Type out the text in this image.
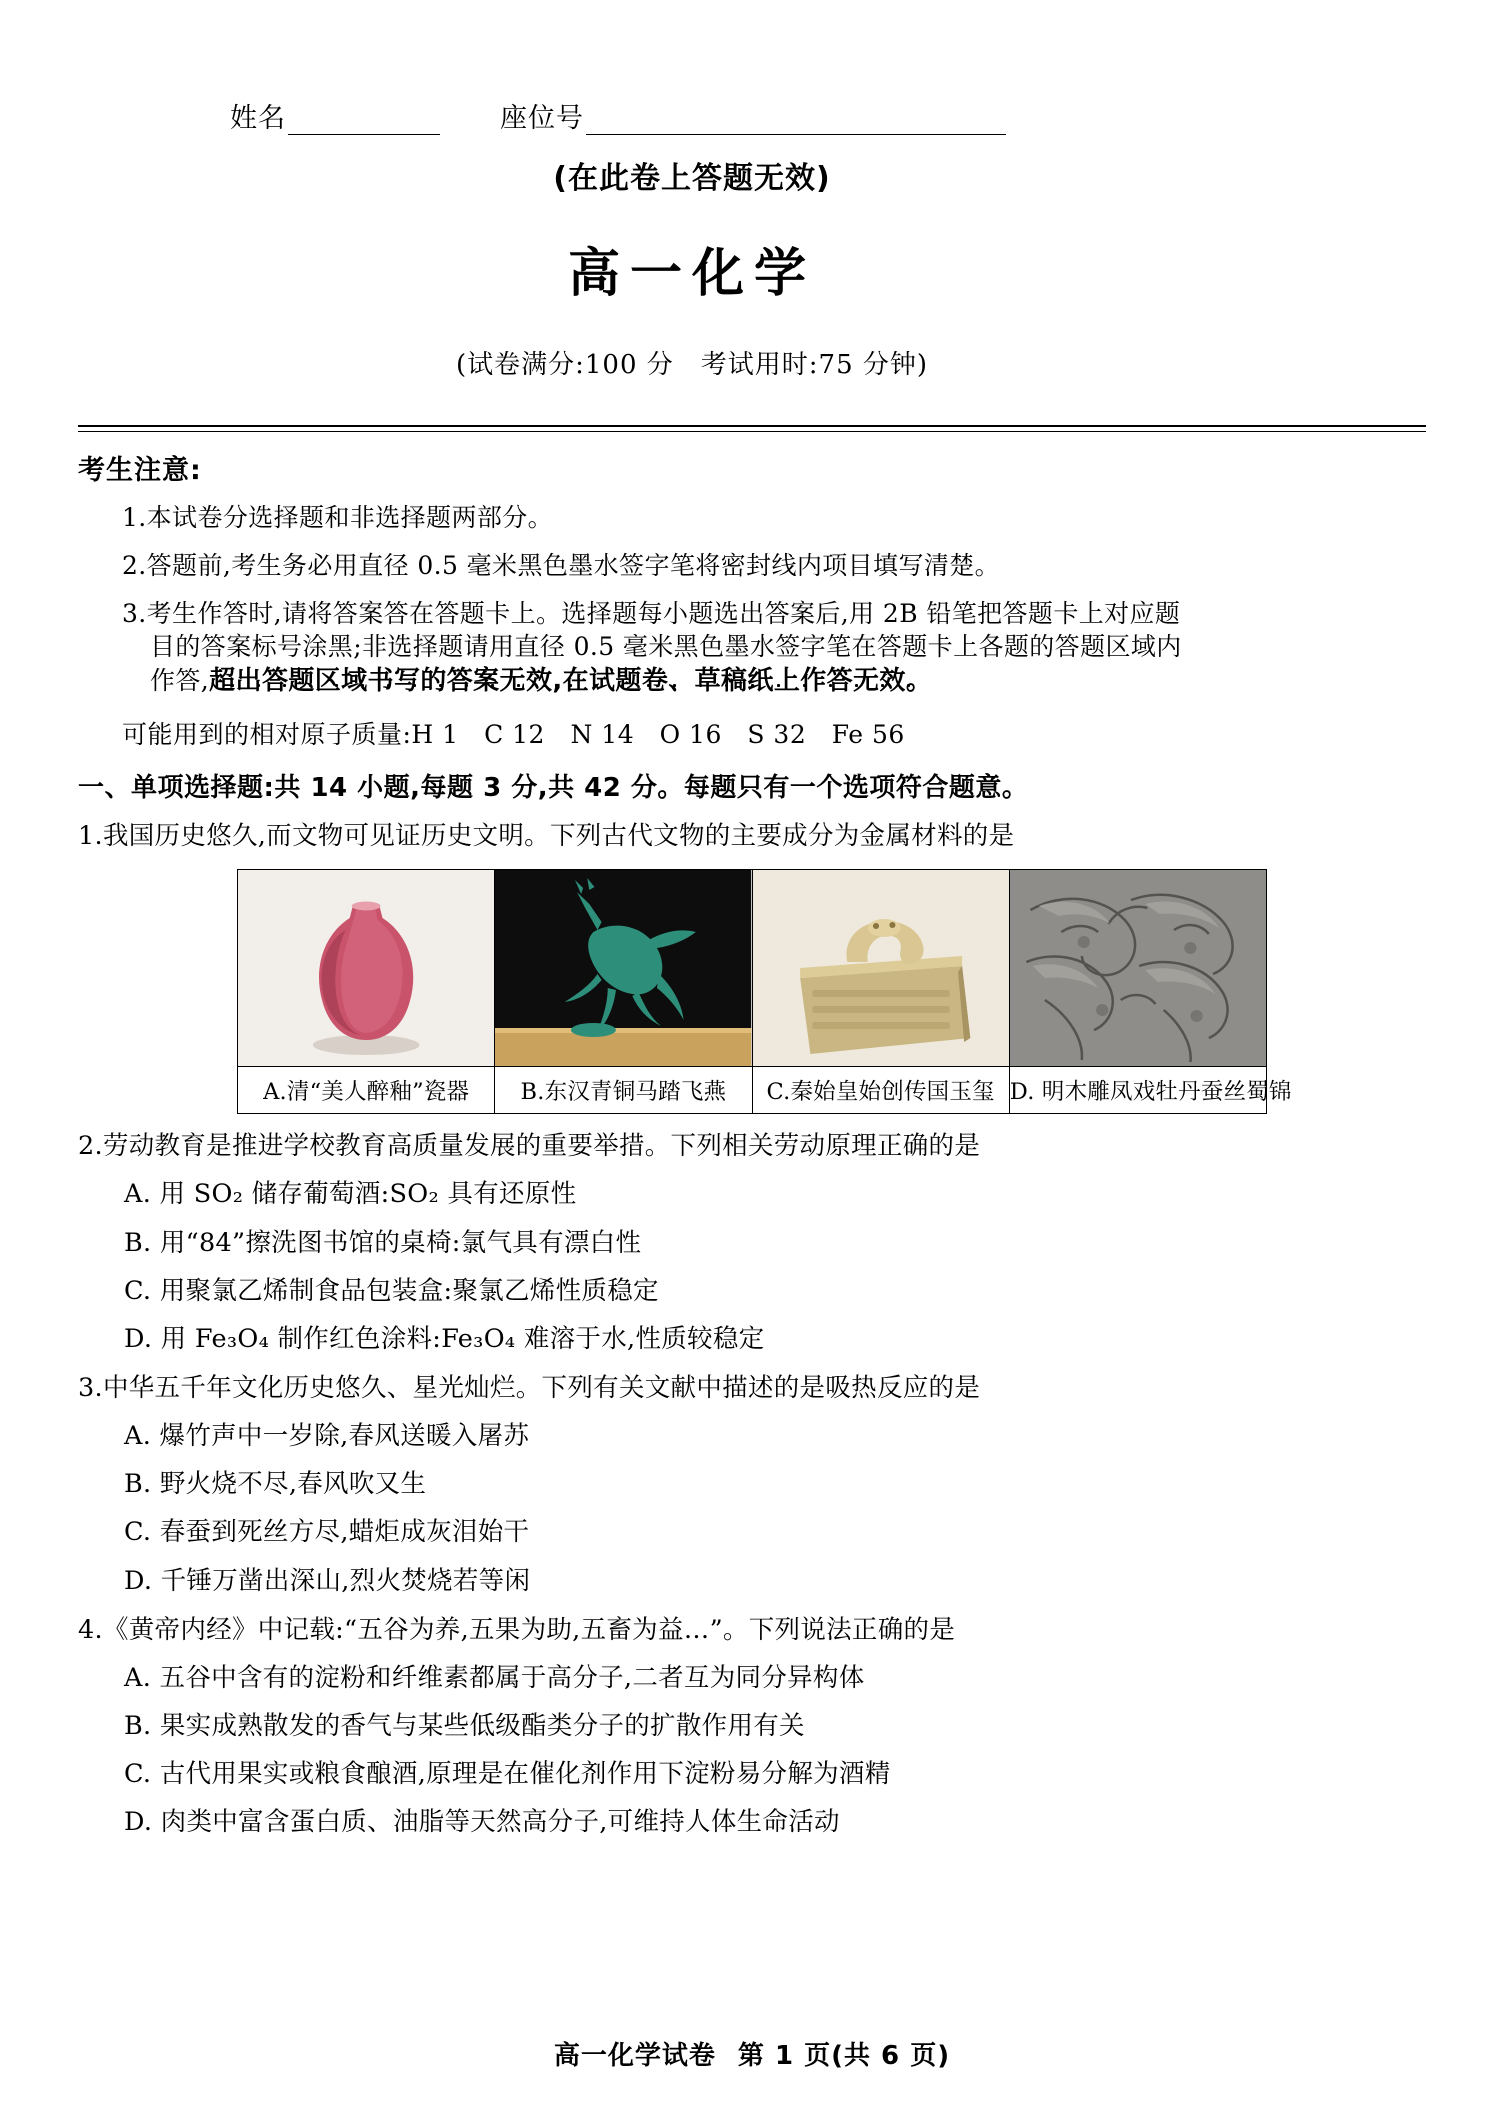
姓名	座位号
(在此卷上答题无效)
高一化学
(试卷满分:100 分　考试用时:75 分钟)
考生注意:
1.本试卷分选择题和非选择题两部分。
2.答题前,考生务必用直径 0.5 毫米黑色墨水签字笔将密封线内项目填写清楚。
3.考生作答时,请将答案答在答题卡上。选择题每小题选出答案后,用 2B 铅笔把答题卡上对应题
目的答案标号涂黑;非选择题请用直径 0.5 毫米黑色墨水签字笔在答题卡上各题的答题区域内
作答,超出答题区域书写的答案无效,在试题卷、草稿纸上作答无效。
可能用到的相对原子质量:H 1　C 12　N 14　O 16　S 32　Fe 56
一、单项选择题:共 14 小题,每题 3 分,共 42 分。每题只有一个选项符合题意。
1.我国历史悠久,而文物可见证历史文明。下列古代文物的主要成分为金属材料的是

A.清“美人醉釉”瓷器	B.东汉青铜马踏飞燕	C.秦始皇始创传国玉玺	D. 明木雕凤戏牡丹蚕丝蜀锦
2.劳动教育是推进学校教育高质量发展的重要举措。下列相关劳动原理正确的是
A. 用 SO₂ 储存葡萄酒:SO₂ 具有还原性
B. 用“84”擦洗图书馆的桌椅:氯气具有漂白性
C. 用聚氯乙烯制食品包装盒:聚氯乙烯性质稳定
D. 用 Fe₃O₄ 制作红色涂料:Fe₃O₄ 难溶于水,性质较稳定
3.中华五千年文化历史悠久、星光灿烂。下列有关文献中描述的是吸热反应的是
A. 爆竹声中一岁除,春风送暖入屠苏
B. 野火烧不尽,春风吹又生
C. 春蚕到死丝方尽,蜡炬成灰泪始干
D. 千锤万凿出深山,烈火焚烧若等闲
4.《黄帝内经》中记载:“五谷为养,五果为助,五畜为益…”。下列说法正确的是
A. 五谷中含有的淀粉和纤维素都属于高分子,二者互为同分异构体
B. 果实成熟散发的香气与某些低级酯类分子的扩散作用有关
C. 古代用果实或粮食酿酒,原理是在催化剂作用下淀粉易分解为酒精
D. 肉类中富含蛋白质、油脂等天然高分子,可维持人体生命活动
高一化学试卷 第 1 页(共 6 页)
